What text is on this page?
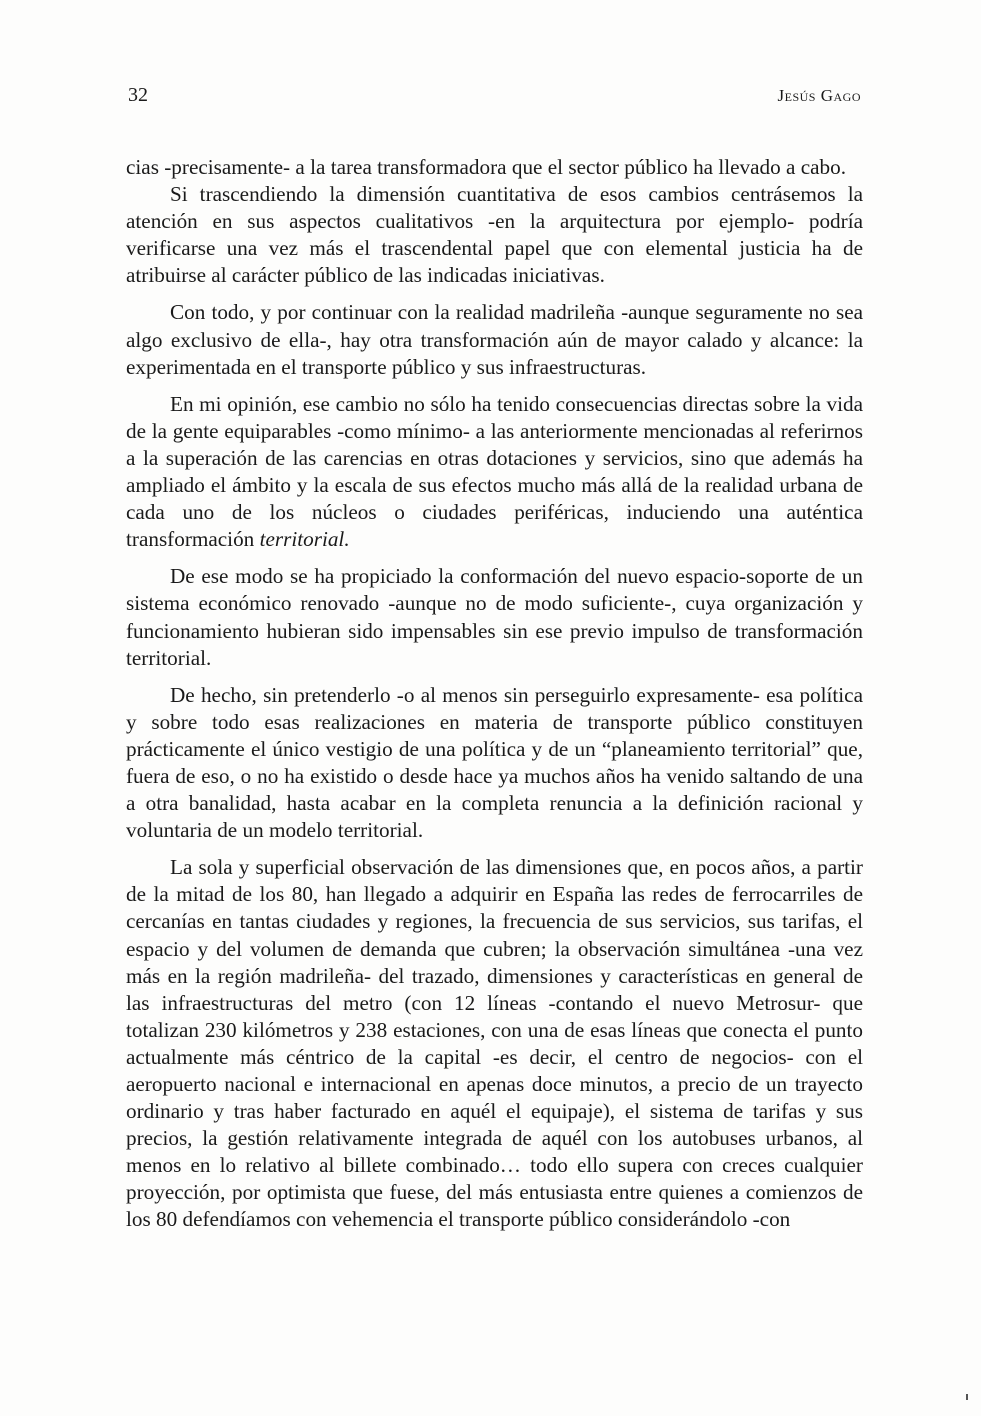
32	Jesús Gago

cias -precisamente- a la tarea transformadora que el sector público ha llevado a cabo.

Si trascendiendo la dimensión cuantitativa de esos cambios centrásemos la atención en sus aspectos cualitativos -en la arquitectura por ejemplo- podría verificarse una vez más el trascendental papel que con elemental justicia ha de atribuirse al carácter público de las indicadas iniciativas.

Con todo, y por continuar con la realidad madrileña -aunque seguramente no sea algo exclusivo de ella-, hay otra transformación aún de mayor calado y alcance: la experimentada en el transporte público y sus infraestructuras.

En mi opinión, ese cambio no sólo ha tenido consecuencias directas sobre la vida de la gente equiparables -como mínimo- a las anteriormente mencionadas al referirnos a la superación de las carencias en otras dotaciones y servicios, sino que además ha ampliado el ámbito y la escala de sus efectos mucho más allá de la realidad urbana de cada uno de los núcleos o ciudades periféricas, induciendo una auténtica transformación territorial.

De ese modo se ha propiciado la conformación del nuevo espacio-soporte de un sistema económico renovado -aunque no de modo suficiente-, cuya organización y funcionamiento hubieran sido impensables sin ese previo impulso de transformación territorial.

De hecho, sin pretenderlo -o al menos sin perseguirlo expresamente- esa política y sobre todo esas realizaciones en materia de transporte público constituyen prácticamente el único vestigio de una política y de un “planeamiento territorial” que, fuera de eso, o no ha existido o desde hace ya muchos años ha venido saltando de una a otra banalidad, hasta acabar en la completa renuncia a la definición racional y voluntaria de un modelo territorial.

La sola y superficial observación de las dimensiones que, en pocos años, a partir de la mitad de los 80, han llegado a adquirir en España las redes de ferrocarriles de cercanías en tantas ciudades y regiones, la frecuencia de sus servicios, sus tarifas, el espacio y del volumen de demanda que cubren; la observación simultánea -una vez más en la región madrileña- del trazado, dimensiones y características en general de las infraestructuras del metro (con 12 líneas -contando el nuevo Metrosur- que totalizan 230 kilómetros y 238 estaciones, con una de esas líneas que conecta el punto actualmente más céntrico de la capital -es decir, el centro de negocios- con el aeropuerto nacional e internacional en apenas doce minutos, a precio de un trayecto ordinario y tras haber facturado en aquél el equipaje), el sistema de tarifas y sus precios, la gestión relativamente integrada de aquél con los autobuses urbanos, al menos en lo relativo al billete combinado… todo ello supera con creces cualquier proyección, por optimista que fuese, del más entusiasta entre quienes a comienzos de los 80 defendíamos con vehemencia el transporte público considerándolo -con
